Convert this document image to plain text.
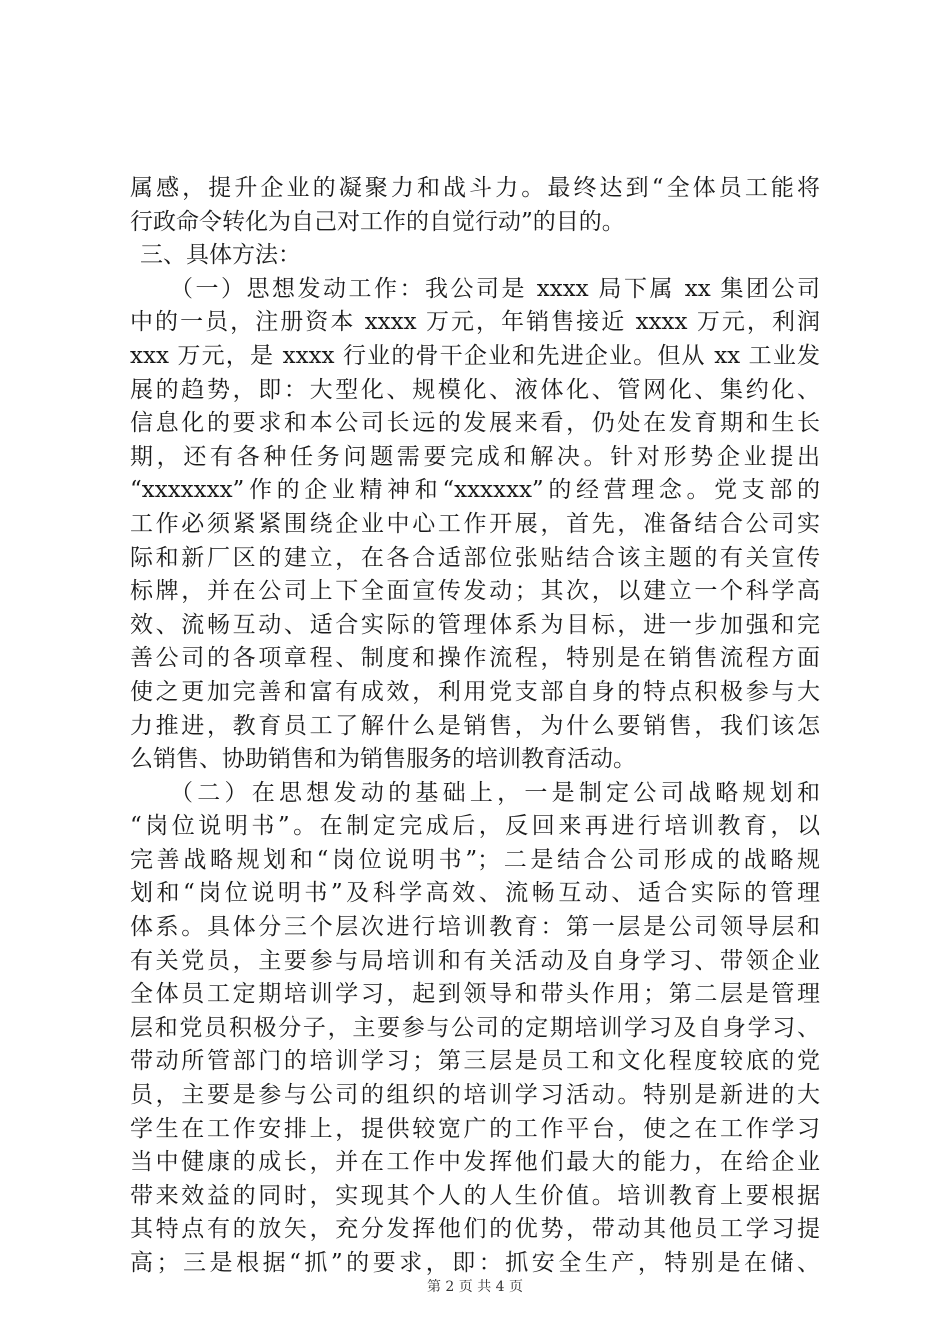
属感，提升企业的凝聚力和战斗力。最终达到“全体员工能将
行政命令转化为自己对工作的自觉行动”的目的。
三、具体方法：
（一）思想发动工作：我公司是 xxxx 局下属 xx 集团公司
中的一员，注册资本 xxxx 万元，年销售接近 xxxx 万元，利润
xxx 万元，是 xxxx 行业的骨干企业和先进企业。但从 xx 工业发
展的趋势，即：大型化、规模化、液体化、管网化、集约化、
信息化的要求和本公司长远的发展来看，仍处在发育期和生长
期，还有各种任务问题需要完成和解决。针对形势企业提出
“xxxxxxx”作的企业精神和“xxxxxx”的经营理念。党支部的
工作必须紧紧围绕企业中心工作开展，首先，准备结合公司实
际和新厂区的建立，在各合适部位张贴结合该主题的有关宣传
标牌，并在公司上下全面宣传发动；其次，以建立一个科学高
效、流畅互动、适合实际的管理体系为目标，进一步加强和完
善公司的各项章程、制度和操作流程，特别是在销售流程方面
使之更加完善和富有成效，利用党支部自身的特点积极参与大
力推进，教育员工了解什么是销售，为什么要销售，我们该怎
么销售、协助销售和为销售服务的培训教育活动。
（二）在思想发动的基础上，一是制定公司战略规划和
“岗位说明书”。在制定完成后，反回来再进行培训教育，以
完善战略规划和“岗位说明书”；二是结合公司形成的战略规
划和“岗位说明书”及科学高效、流畅互动、适合实际的管理
体系。具体分三个层次进行培训教育：第一层是公司领导层和
有关党员，主要参与局培训和有关活动及自身学习、带领企业
全体员工定期培训学习，起到领导和带头作用；第二层是管理
层和党员积极分子，主要参与公司的定期培训学习及自身学习、
带动所管部门的培训学习；第三层是员工和文化程度较底的党
员，主要是参与公司的组织的培训学习活动。特别是新进的大
学生在工作安排上，提供较宽广的工作平台，使之在工作学习
当中健康的成长，并在工作中发挥他们最大的能力，在给企业
带来效益的同时，实现其个人的人生价值。培训教育上要根据
其特点有的放矢，充分发挥他们的优势，带动其他员工学习提
高；三是根据“抓”的要求，即：抓安全生产，特别是在储、
第 2 页 共 4 页
